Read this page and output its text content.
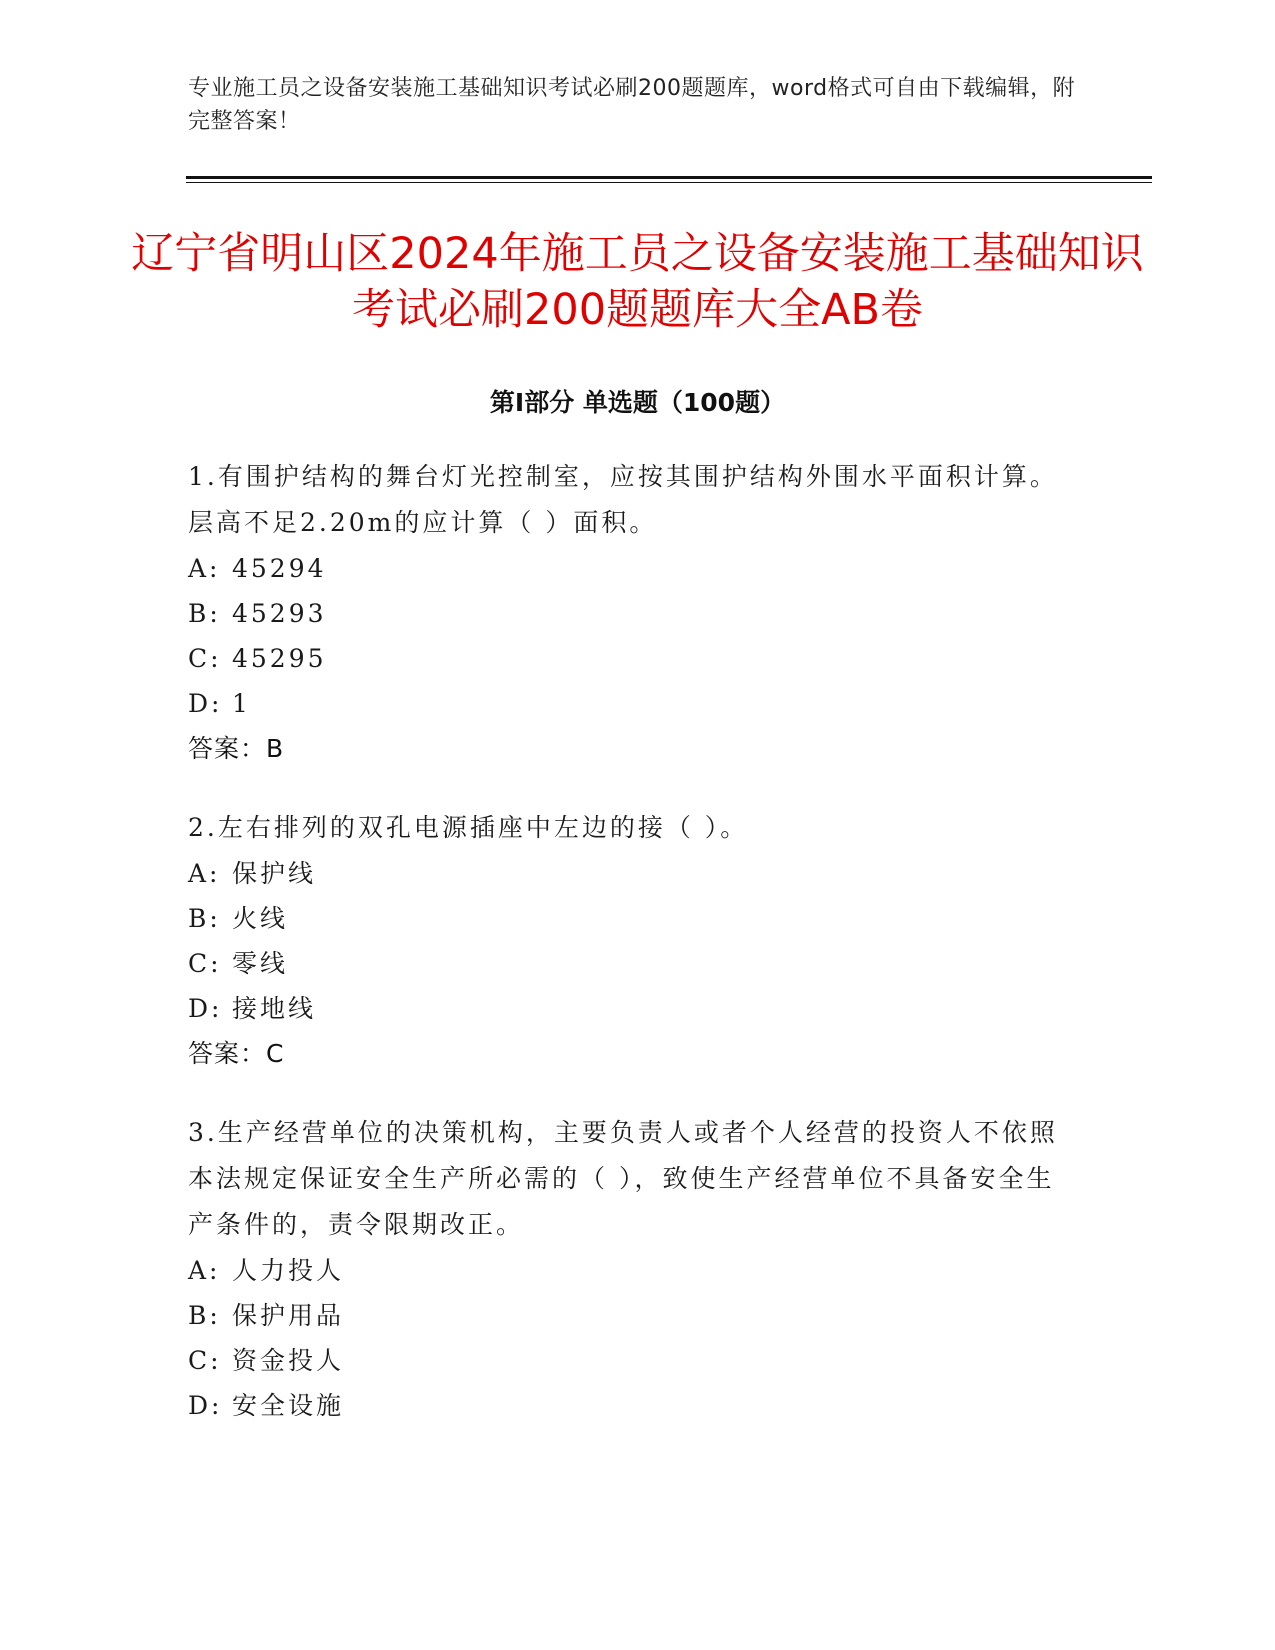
专业施工员之设备安装施工基础知识考试必刷200题题库，word格式可自由下载编辑，附完整答案！
辽宁省明山区2024年施工员之设备安装施工基础知识考试必刷200题题库大全AB卷
第Ⅰ部分 单选题（100题）

1.有围护结构的舞台灯光控制室，应按其围护结构外围水平面积计算。层高不足2.20m的应计算（ ）面积。

A: 45294

B: 45293

C: 45295

D: 1

答案：B

2.左右排列的双孔电源插座中左边的接（ ）。

A: 保护线

B: 火线

C: 零线

D: 接地线

答案：C

3.生产经营单位的决策机构，主要负责人或者个人经营的投资人不依照本法规定保证安全生产所必需的（ ），致使生产经营单位不具备安全生产条件的，责令限期改正。

A: 人力投人

B: 保护用品

C: 资金投人

D: 安全设施
